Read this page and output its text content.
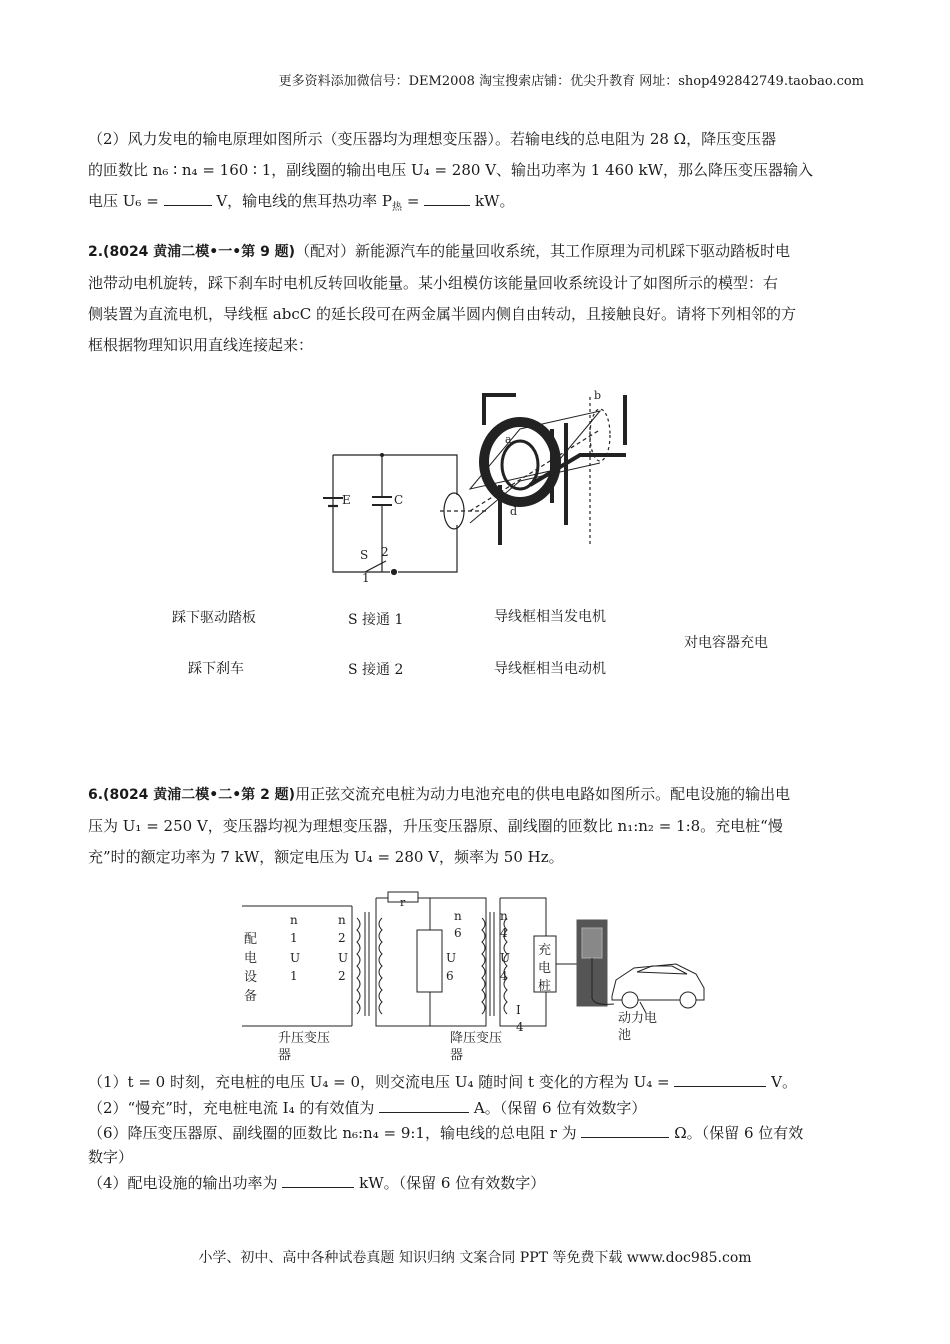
更多资料添加微信号：DEM2008 淘宝搜索店铺：优尖升教育 网址：shop492842749.taobao.com
（2）风力发电的输电原理如图所示（变压器均为理想变压器）。若输电线的总电阻为 28 Ω，降压变压器
的匝数比 n₆ ∶ n₄ = 160 ∶ 1，副线圈的输出电压 U₄ = 280 V、输出功率为 1 460 kW，那么降压变压器输入
电压 U₆ =	V，输电线的焦耳热功率 $P_热$ =	kW。
2.(8024 黄浦二模•一•第 9 题)（配对）新能源汽车的能量回收系统，其工作原理为司机踩下驱动踏板时电
池带动电机旋转，踩下刹车时电机反转回收能量。某小组模仿该能量回收系统设计了如图所示的模型：右
侧装置为直流电机，导线框 abcC 的延长段可在两金属半圆内侧自由转动，且接触良好。请将下列相邻的方
框根据物理知识用直线连接起来：
E	C
S 2
1
a
b
d
踩下驱动踏板
踩下刹车
S 接通 1
S 接通 2
导线框相当发电机
导线框相当电动机
对电容器充电
6.(8024 黄浦二模•二•第 2 题)用正弦交流充电桩为动力电池充电的供电电路如图所示。配电设施的输出电
压为 U₁ = 250 V，变压器均视为理想变压器，升压变压器原、副线圈的匝数比 n₁:n₂ = 1:8。充电桩“慢
充”时的额定功率为 7 kW，额定电压为 U₄ = 280 V，频率为 50 Hz。
配 电 设 备
n 1 U 1
n 2 U 2
r
n 6 U 6
n 4 U 4
I 4
充 电 桩
升压变压 器
降压变压 器
动力电 池
（1）t = 0 时刻，充电桩的电压 U₄ = 0，则交流电压 U₄ 随时间 t 变化的方程为 U₄ =	V。
（2）“慢充”时，充电桩电流 I₄ 的有效值为	A。（保留 6 位有效数字）
（6）降压变压器原、副线圈的匝数比 n₆:n₄ = 9:1，输电线的总电阻 r 为	Ω。（保留 6 位有效
数字）
（4）配电设施的输出功率为	kW。（保留 6 位有效数字）
小学、初中、高中各种试卷真题 知识归纳 文案合同 PPT 等免费下载 www.doc985.com
